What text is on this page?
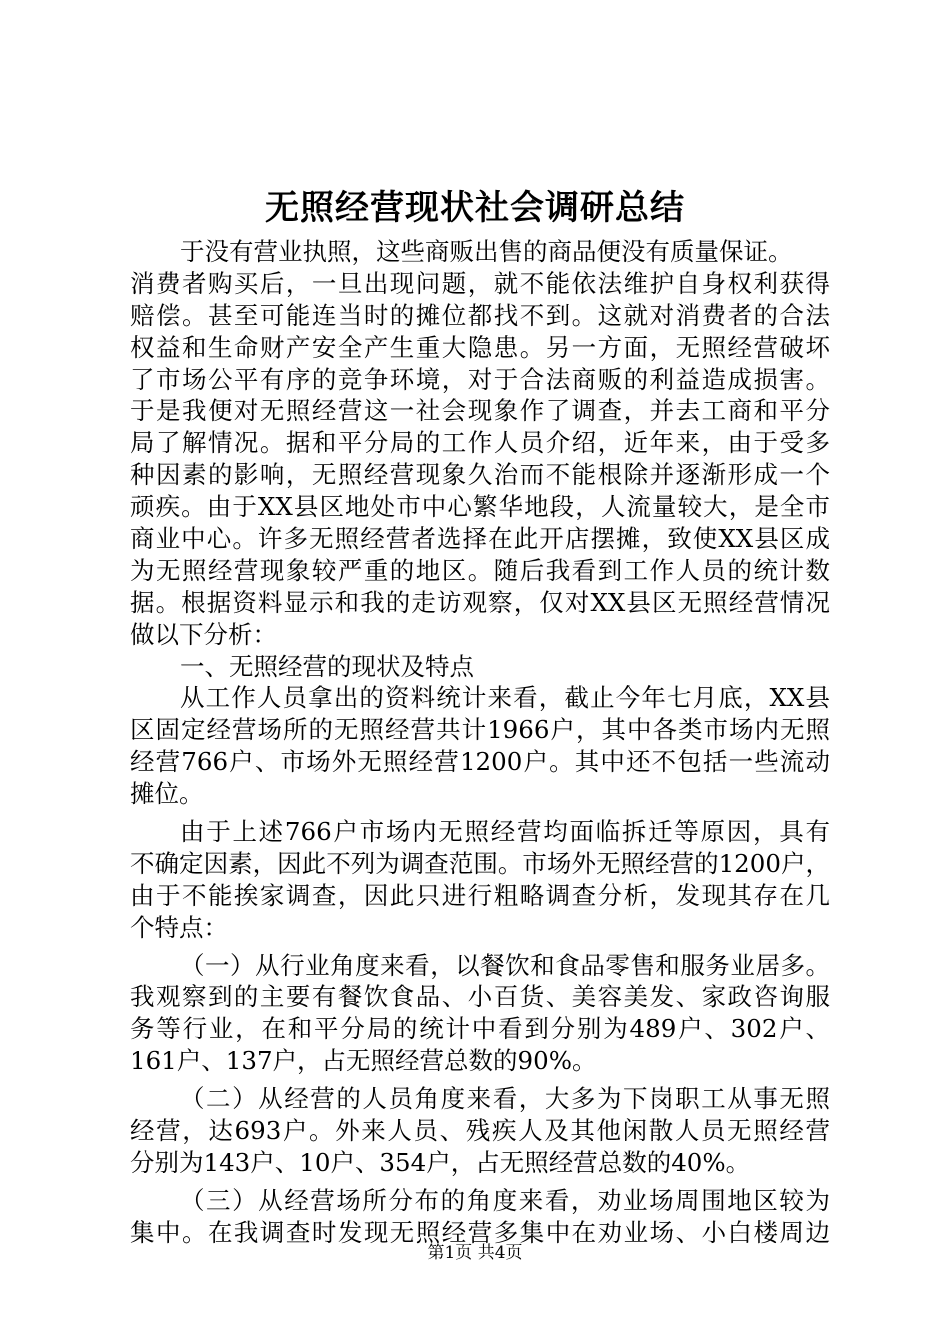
无照经营现状社会调研总结
于没有营业执照，这些商贩出售的商品便没有质量保证。
消费者购买后，一旦出现问题，就不能依法维护自身权利获得
赔偿。甚至可能连当时的摊位都找不到。这就对消费者的合法
权益和生命财产安全产生重大隐患。另一方面，无照经营破坏
了市场公平有序的竞争环境，对于合法商贩的利益造成损害。
于是我便对无照经营这一社会现象作了调查，并去工商和平分
局了解情况。据和平分局的工作人员介绍，近年来，由于受多
种因素的影响，无照经营现象久治而不能根除并逐渐形成一个
顽疾。由于XX县区地处市中心繁华地段，人流量较大，是全市
商业中心。许多无照经营者选择在此开店摆摊，致使XX县区成
为无照经营现象较严重的地区。随后我看到工作人员的统计数
据。根据资料显示和我的走访观察，仅对XX县区无照经营情况
做以下分析：
一、无照经营的现状及特点
从工作人员拿出的资料统计来看，截止今年七月底，XX县
区固定经营场所的无照经营共计1966户，其中各类市场内无照
经营766户、市场外无照经营1200户。其中还不包括一些流动
摊位。
由于上述766户市场内无照经营均面临拆迁等原因，具有
不确定因素，因此不列为调查范围。市场外无照经营的1200户，
由于不能挨家调查，因此只进行粗略调查分析，发现其存在几
个特点：
（一）从行业角度来看，以餐饮和食品零售和服务业居多。
我观察到的主要有餐饮食品、小百货、美容美发、家政咨询服
务等行业，在和平分局的统计中看到分别为489户、302户、
161户、137户，占无照经营总数的90%。
（二）从经营的人员角度来看，大多为下岗职工从事无照
经营，达693户。外来人员、残疾人及其他闲散人员无照经营
分别为143户、10户、354户，占无照经营总数的40%。
（三）从经营场所分布的角度来看，劝业场周围地区较为
集中。在我调查时发现无照经营多集中在劝业场、小白楼周边
第1页 共4页
